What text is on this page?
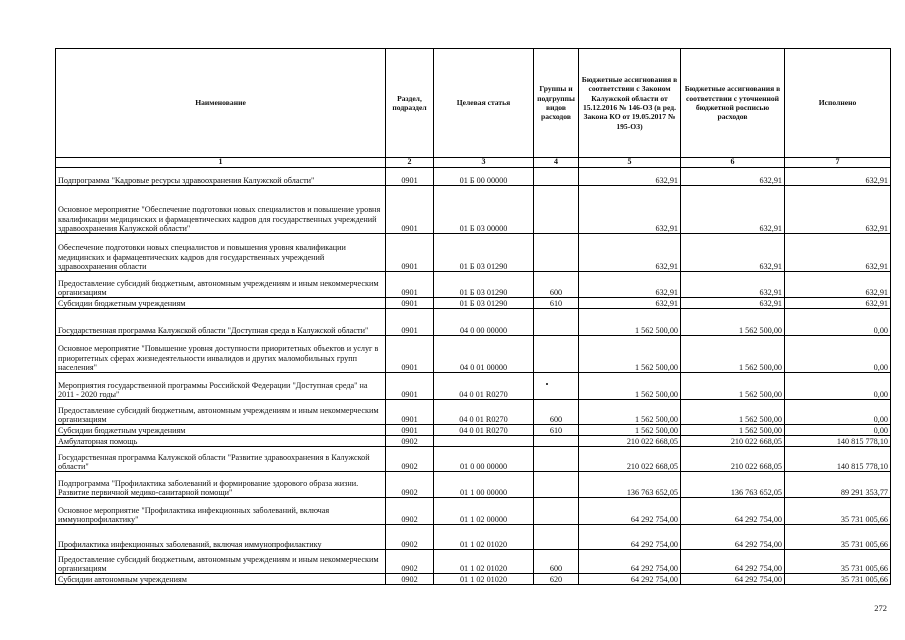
Наименование	Раздел, подраздел	Целевая статья	Группы и подгруппы видов расходов	Бюджетные ассигнования в соответствии с Законом Калужской области от 15.12.2016 № 146-ОЗ (в ред. Закона КО от 19.05.2017 № 195-ОЗ)	Бюджетные ассигнования в соответствии с уточненной бюджетной росписью расходов	Исполнено
1	2	3	4	5	6	7
Подпрограмма "Кадровые ресурсы здравоохранения Калужской области"	0901	01 Б 00 00000		632,91	632,91	632,91
Основное мероприятие "Обеспечение подготовки новых специалистов и повышение уровня квалификации медицинских и фармацевтических кадров для государственных учреждений здравоохранения Калужской области"	0901	01 Б 03 00000		632,91	632,91	632,91
Обеспечение подготовки новых специалистов и повышения уровня квалификации медицинских и фармацевтических кадров для государственных учреждений здравоохранения области	0901	01 Б 03 01290		632,91	632,91	632,91
Предоставление субсидий бюджетным, автономным учреждениям и иным некоммерческим организациям	0901	01 Б 03 01290	600	632,91	632,91	632,91
Субсидии бюджетным учреждениям	0901	01 Б 03 01290	610	632,91	632,91	632,91
Государственная программа Калужской области "Доступная среда в Калужской области"	0901	04 0 00 00000		1 562 500,00	1 562 500,00	0,00
Основное мероприятие "Повышение уровня доступности приоритетных объектов и услуг в приоритетных сферах жизнедеятельности инвалидов и других маломобильных групп населения"	0901	04 0 01 00000		1 562 500,00	1 562 500,00	0,00
Мероприятия государственной программы Российской Федерации "Доступная среда" на 2011 - 2020 годы"	0901	04 0 01 R0270		1 562 500,00	1 562 500,00	0,00
Предоставление субсидий бюджетным, автономным учреждениям и иным некоммерческим организациям	0901	04 0 01 R0270	600	1 562 500,00	1 562 500,00	0,00
Субсидии бюджетным учреждениям	0901	04 0 01 R0270	610	1 562 500,00	1 562 500,00	0,00
Амбулаторная помощь	0902			210 022 668,05	210 022 668,05	140 815 778,10
Государственная программа Калужской области "Развитие здравоохранения в Калужской области"	0902	01 0 00 00000		210 022 668,05	210 022 668,05	140 815 778,10
Подпрограмма "Профилактика заболеваний и формирование здорового образа жизни. Развитие первичной медико-санитарной помощи"	0902	01 1 00 00000		136 763 652,05	136 763 652,05	89 291 353,77
Основное мероприятие "Профилактика инфекционных заболеваний, включая иммунопрофилактику"	0902	01 1 02 00000		64 292 754,00	64 292 754,00	35 731 005,66
Профилактика инфекционных заболеваний, включая иммунопрофилактику	0902	01 1 02 01020		64 292 754,00	64 292 754,00	35 731 005,66
Предоставление субсидий бюджетным, автономным учреждениям и иным некоммерческим организациям	0902	01 1 02 01020	600	64 292 754,00	64 292 754,00	35 731 005,66
Субсидии автономным учреждениям	0902	01 1 02 01020	620	64 292 754,00	64 292 754,00	35 731 005,66
272
